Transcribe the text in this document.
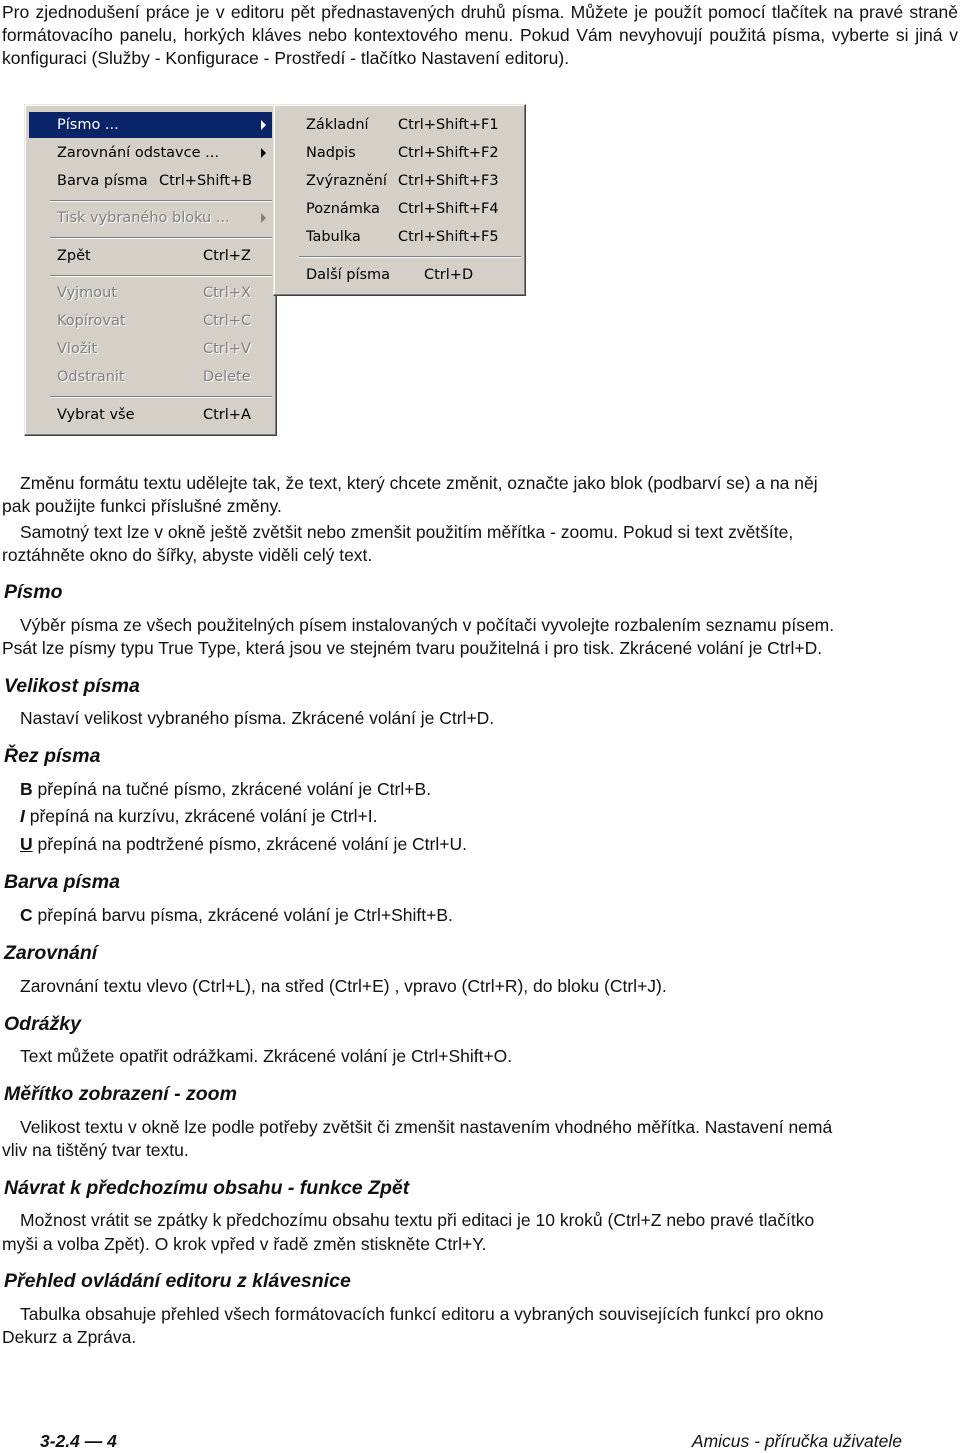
Pro zjednodušení práce je v editoru pět přednastavených druhů písma. Můžete je použít pomocí tlačítek na pravé straně formátovacího panelu, horkých kláves nebo kontextového menu. Pokud Vám nevyhovují použitá písma, vyberte si jiná v konfiguraci (Služby - Konfigurace - Prostředí - tlačítko Nastavení editoru).

Písmo ...
Zarovnání odstavce ...
Barva písma Ctrl+Shift+B
Tisk vybraného bloku ...
Zpět	Ctrl+Z
Vyjmout	Ctrl+X
Kopírovat	Ctrl+C
Vložit	Ctrl+V
Odstranit	Delete
Vybrat vše	Ctrl+A
Základní Ctrl+Shift+F1
Nadpis	Ctrl+Shift+F2
Zvýraznění Ctrl+Shift+F3
Poznámka Ctrl+Shift+F4
Tabulka	Ctrl+Shift+F5
Další písma Ctrl+D

Změnu formátu textu udělejte tak, že text, který chcete změnit, označte jako blok (podbarví se) a na něj

pak použijte funkci příslušné změny.

Samotný text lze v okně ještě zvětšit nebo zmenšit použitím měřítka - zoomu. Pokud si text zvětšíte,

roztáhněte okno do šířky, abyste viděli celý text.

Písmo

Výběr písma ze všech použitelných písem instalovaných v počítači vyvolejte rozbalením seznamu písem.

Psát lze písmy typu True Type, která jsou ve stejném tvaru použitelná i pro tisk. Zkrácené volání je Ctrl+D.

Velikost písma

Nastaví velikost vybraného písma. Zkrácené volání je Ctrl+D.

Řez písma

B přepíná na tučné písmo, zkrácené volání je Ctrl+B.

I přepíná na kurzívu, zkrácené volání je Ctrl+I.

U přepíná na podtržené písmo, zkrácené volání je Ctrl+U.

Barva písma

C přepíná barvu písma, zkrácené volání je Ctrl+Shift+B.

Zarovnání

Zarovnání textu vlevo (Ctrl+L), na střed (Ctrl+E) , vpravo (Ctrl+R), do bloku (Ctrl+J).

Odrážky

Text můžete opatřit odrážkami. Zkrácené volání je Ctrl+Shift+O.

Měřítko zobrazení - zoom

Velikost textu v okně lze podle potřeby zvětšit či zmenšit nastavením vhodného měřítka. Nastavení nemá

vliv na tištěný tvar textu.

Návrat k předchozímu obsahu - funkce Zpět

Možnost vrátit se zpátky k předchozímu obsahu textu při editaci je 10 kroků (Ctrl+Z nebo pravé tlačítko

myši a volba Zpět). O krok vpřed v řadě změn stiskněte Ctrl+Y.

Přehled ovládání editoru z klávesnice

Tabulka obsahuje přehled všech formátovacích funkcí editoru a vybraných souvisejících funkcí pro okno

Dekurz a Zpráva.

3-2.4 — 4	Amicus - příručka uživatele
